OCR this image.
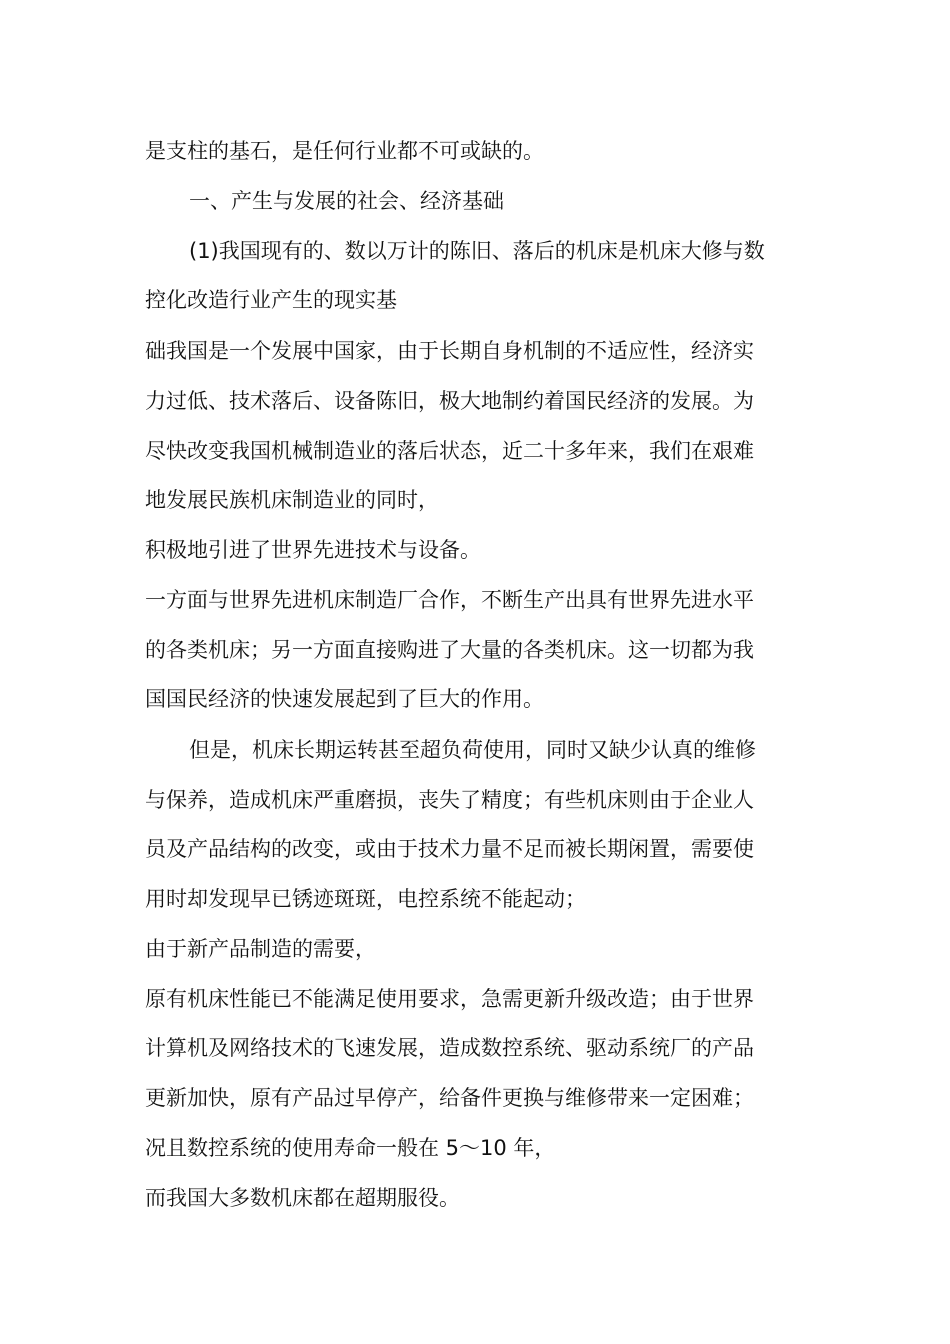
是支柱的基石，是任何行业都不可或缺的。
一、产生与发展的社会、经济基础
(1)我国现有的、数以万计的陈旧、落后的机床是机床大修与数
控化改造行业产生的现实基
础我国是一个发展中国家，由于长期自身机制的不适应性，经济实
力过低、技术落后、设备陈旧，极大地制约着国民经济的发展。为
尽快改变我国机械制造业的落后状态，近二十多年来，我们在艰难
地发展民族机床制造业的同时，
积极地引进了世界先进技术与设备。
一方面与世界先进机床制造厂合作，不断生产出具有世界先进水平
的各类机床；另一方面直接购进了大量的各类机床。这一切都为我
国国民经济的快速发展起到了巨大的作用。
但是，机床长期运转甚至超负荷使用，同时又缺少认真的维修
与保养，造成机床严重磨损，丧失了精度；有些机床则由于企业人
员及产品结构的改变，或由于技术力量不足而被长期闲置，需要使
用时却发现早已锈迹斑斑，电控系统不能起动；
由于新产品制造的需要，
原有机床性能已不能满足使用要求，急需更新升级改造；由于世界
计算机及网络技术的飞速发展，造成数控系统、驱动系统厂的产品
更新加快，原有产品过早停产，给备件更换与维修带来一定困难；
况且数控系统的使用寿命一般在 5～10 年，
而我国大多数机床都在超期服役。
